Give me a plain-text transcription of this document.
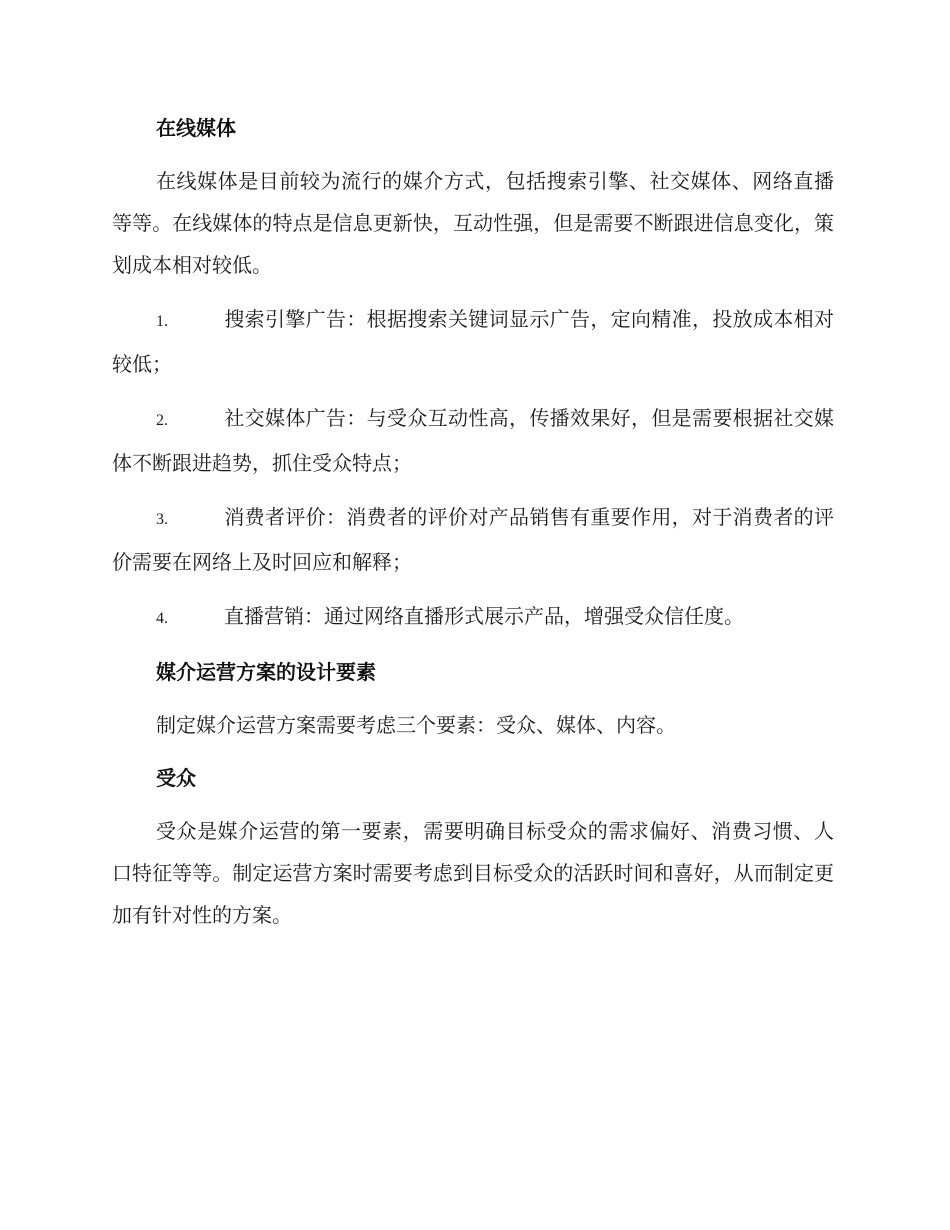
在线媒体
在线媒体是目前较为流行的媒介方式，包括搜索引擎、社交媒体、网络直播等等。在线媒体的特点是信息更新快，互动性强，但是需要不断跟进信息变化，策划成本相对较低。
1.	搜索引擎广告：根据搜索关键词显示广告，定向精准，投放成本相对较低；
2.	社交媒体广告：与受众互动性高，传播效果好，但是需要根据社交媒体不断跟进趋势，抓住受众特点；
3.	消费者评价：消费者的评价对产品销售有重要作用，对于消费者的评价需要在网络上及时回应和解释；
4.	直播营销：通过网络直播形式展示产品，增强受众信任度。
媒介运营方案的设计要素
制定媒介运营方案需要考虑三个要素：受众、媒体、内容。
受众
受众是媒介运营的第一要素，需要明确目标受众的需求偏好、消费习惯、人口特征等等。制定运营方案时需要考虑到目标受众的活跃时间和喜好，从而制定更加有针对性的方案。
